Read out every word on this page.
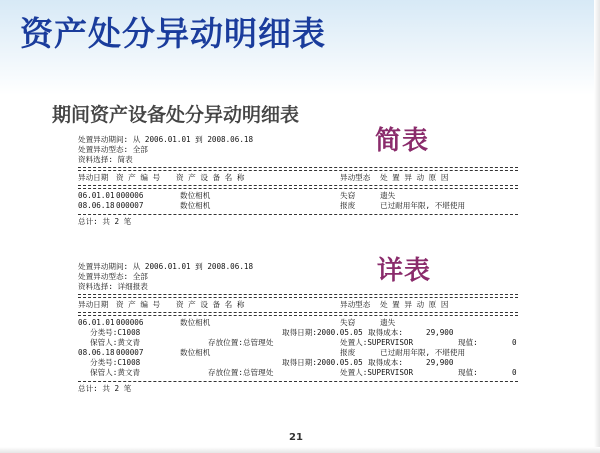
资产处分异动明细表
期间资产设备处分异动明细表
简表
详表
处置异动期间: 从 2006.01.01 到 2008.06.18
处置异动型态: 全部
资料选择: 简表
异动日期 资 产 编 号 资 产 设 备 名 称	异动型态 处 置 异 动 原 因
06.01.01 000006	数位相机	失窃	遗失
08.06.18 000007	数位相机	报废	已过耐用年限, 不堪使用
总计: 共 2 笔
处置异动期间: 从 2006.01.01 到 2008.06.18
处置异动型态: 全部
资料选择: 详细报表
异动日期 资 产 编 号 资 产 设 备 名 称	异动型态 处 置 异 动 原 因
06.01.01 000006	数位相机	失窃	遗失
分类号:C1008	取得日期:2000.05.05 取得成本:	29,900
保管人:黄文青	存放位置:总管理处	处置人:SUPERVISOR	现值:	0
08.06.18 000007	数位相机	报废	已过耐用年限, 不堪使用
分类号:C1008	取得日期:2000.05.05 取得成本:	29,900
保管人:黄文青	存放位置:总管理处	处置人:SUPERVISOR	现值:	0
总计: 共 2 笔
21
